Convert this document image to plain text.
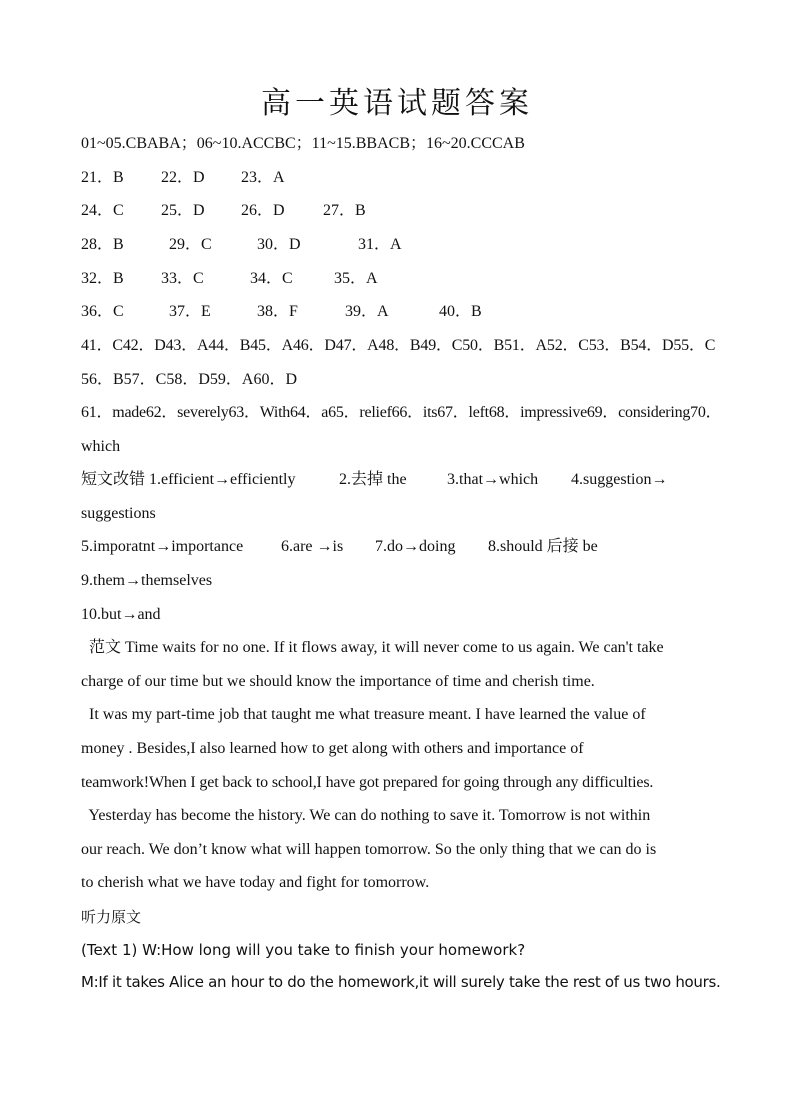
高一英语试题答案
01~05.CBABA；06~10.ACCBC；11~15.BBACB；16~20.CCCAB
21．B 22．D 23．A
24．C 25．D 26．D 27．B
28．B	29．C	30．D	31．A
32．B 33．C	34．C	35．A
36．C	37．E	38．F	39．A	40．B
41．C42．D43．A44．B45．A46．D47．A48．B49．C50．B51．A52．C53．B54．D55．C
56．B57．C58．D59．A60．D
61．made62．severely63．With64．a65．relief66．its67．left68．impressive69．considering70．
which
短文改错 1.efficient→efficiently	2.去掉 the	3.that→which 4.suggestion→
suggestions
5.imporatnt→importance 6.are →is 7.do→doing 8.should 后接 be
9.them→themselves
10.but→and
范文 Time waits for no one. If it flows away, it will never come to us again. We can't take
charge of our time but we should know the importance of time and cherish time.
It was my part-time job that taught me what treasure meant. I have learned the value of
money . Besides,I also learned how to get along with others and importance of
teamwork!When I get back to school,I have got prepared for going through any difficulties.
Yesterday has become the history. We can do nothing to save it. Tomorrow is not within
our reach. We don’t know what will happen tomorrow. So the only thing that we can do is
to cherish what we have today and fight for tomorrow.
听力原文
(Text 1) W:How long will you take to finish your homework?
M:If it takes Alice an hour to do the homework,it will surely take the rest of us two hours.
